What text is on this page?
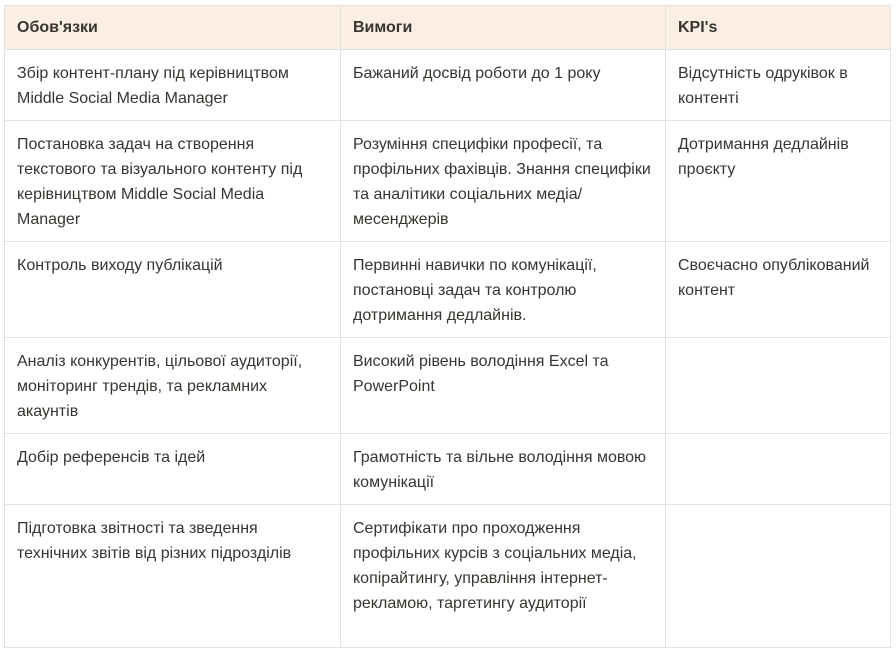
Обов'язки	Вимоги	KPI's
Збір контент-плану під керівництвом Middle Social Media Manager	Бажаний досвід роботи до 1 року	Відсутність одруківок в контенті
Постановка задач на створення текстового та візуального контенту під керівництвом Middle Social Media Manager	Розуміння специфіки професії, та профільних фахівців. Знання специфіки та аналітики соціальних медіа/месенджерів	Дотримання дедлайнів проєкту
Контроль виходу публікацій	Первинні навички по комунікації, постановці задач та контролю дотримання дедлайнів.	Своєчасно опублікований контент
Аналіз конкурентів, цільової аудиторії, моніторинг трендів, та рекламних акаунтів	Високий рівень володіння Excel та PowerPoint	
Добір референсів та ідей	Грамотність та вільне володіння мовою комунікації	
Підготовка звітності та зведення технічних звітів від різних підрозділів	Сертифікати про проходження профільних курсів з соціальних медіа, копірайтингу, управління інтернет-рекламою, таргетингу аудиторії	
